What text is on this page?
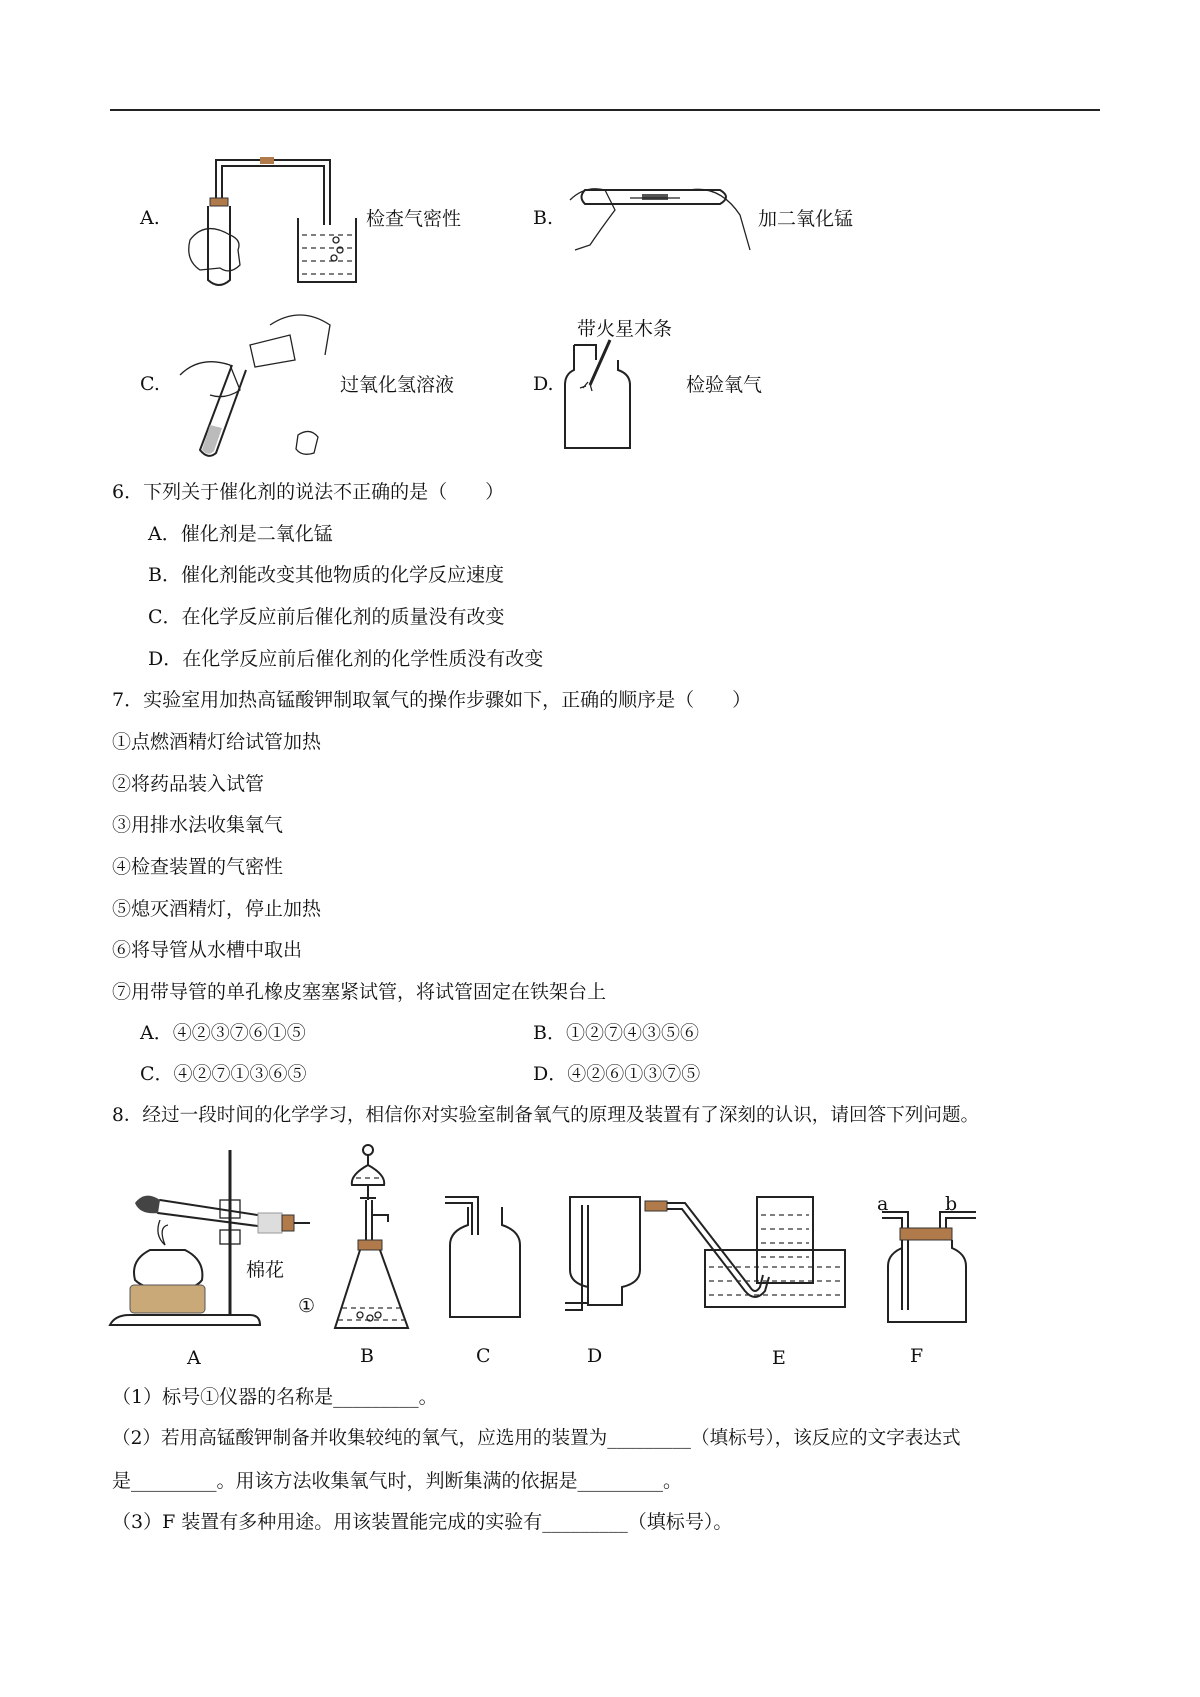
A.	检查气密性	B.	加二氧化锰
C.	过氧化氢溶液	D.
带火星木条
检验氧气
6．下列关于催化剂的说法不正确的是（　　）
A．催化剂是二氧化锰
B．催化剂能改变其他物质的化学反应速度
C．在化学反应前后催化剂的质量没有改变
D．在化学反应前后催化剂的化学性质没有改变
7．实验室用加热高锰酸钾制取氧气的操作步骤如下，正确的顺序是（　　）
①点燃酒精灯给试管加热
②将药品装入试管
③用排水法收集氧气
④检查装置的气密性
⑤熄灭酒精灯，停止加热
⑥将导管从水槽中取出
⑦用带导管的单孔橡皮塞塞紧试管，将试管固定在铁架台上
A．④②③⑦⑥①⑤	B．①②⑦④③⑤⑥
C．④②⑦①③⑥⑤	D．④②⑥①③⑦⑤
8．经过一段时间的化学学习，相信你对实验室制备氧气的原理及装置有了深刻的认识，请回答下列问题。
棉花
①
a	b
A	B	C	D	E	F
（1）标号①仪器的名称是_________。
（2）若用高锰酸钾制备并收集较纯的氧气，应选用的装置为_________（填标号），该反应的文字表达式
是_________。用该方法收集氧气时，判断集满的依据是_________。
（3）F 装置有多种用途。用该装置能完成的实验有_________（填标号）。
